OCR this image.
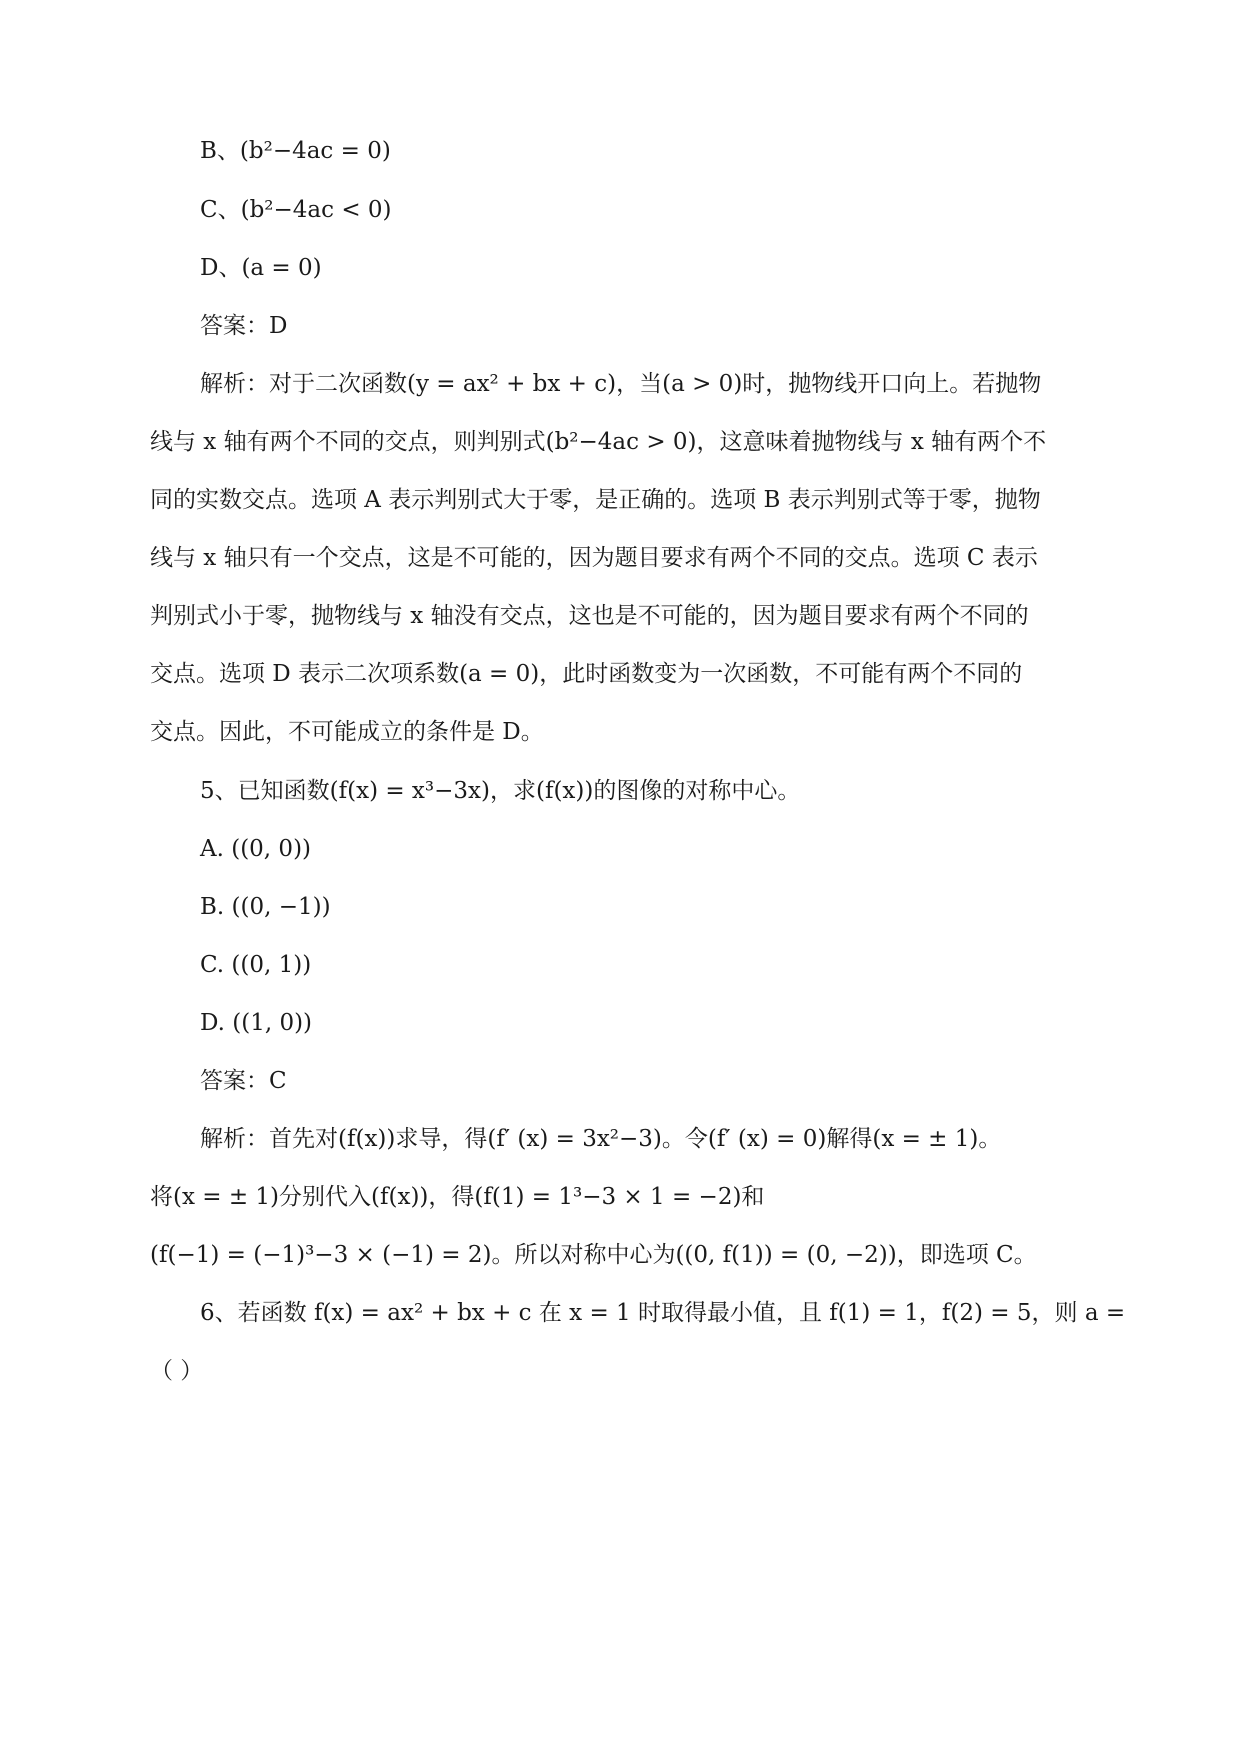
B、(b²−4ac = 0)
C、(b²−4ac < 0)
D、(a = 0)
答案：D
解析：对于二次函数(y = ax² + bx + c)，当(a > 0)时，抛物线开口向上。若抛物
线与 x 轴有两个不同的交点，则判别式(b²−4ac > 0)，这意味着抛物线与 x 轴有两个不
同的实数交点。选项 A 表示判别式大于零，是正确的。选项 B 表示判别式等于零，抛物
线与 x 轴只有一个交点，这是不可能的，因为题目要求有两个不同的交点。选项 C 表示
判别式小于零，抛物线与 x 轴没有交点，这也是不可能的，因为题目要求有两个不同的
交点。选项 D 表示二次项系数(a = 0)，此时函数变为一次函数，不可能有两个不同的
交点。因此，不可能成立的条件是 D。
5、已知函数(f(x) = x³−3x)，求(f(x))的图像的对称中心。
A. ((0, 0))
B. ((0, −1))
C. ((0, 1))
D. ((1, 0))
答案：C
解析：首先对(f(x))求导，得(f′ (x) = 3x²−3)。令(f′ (x) = 0)解得(x = ± 1)。
将(x = ± 1)分别代入(f(x))，得(f(1) = 1³−3 × 1 = −2)和
(f(−1) = (−1)³−3 × (−1) = 2)。所以对称中心为((0, f(1)) = (0, −2))，即选项 C。
6、若函数 f(x) = ax² + bx + c 在 x = 1 时取得最小值，且 f(1) = 1，f(2) = 5，则 a =
（ ）
